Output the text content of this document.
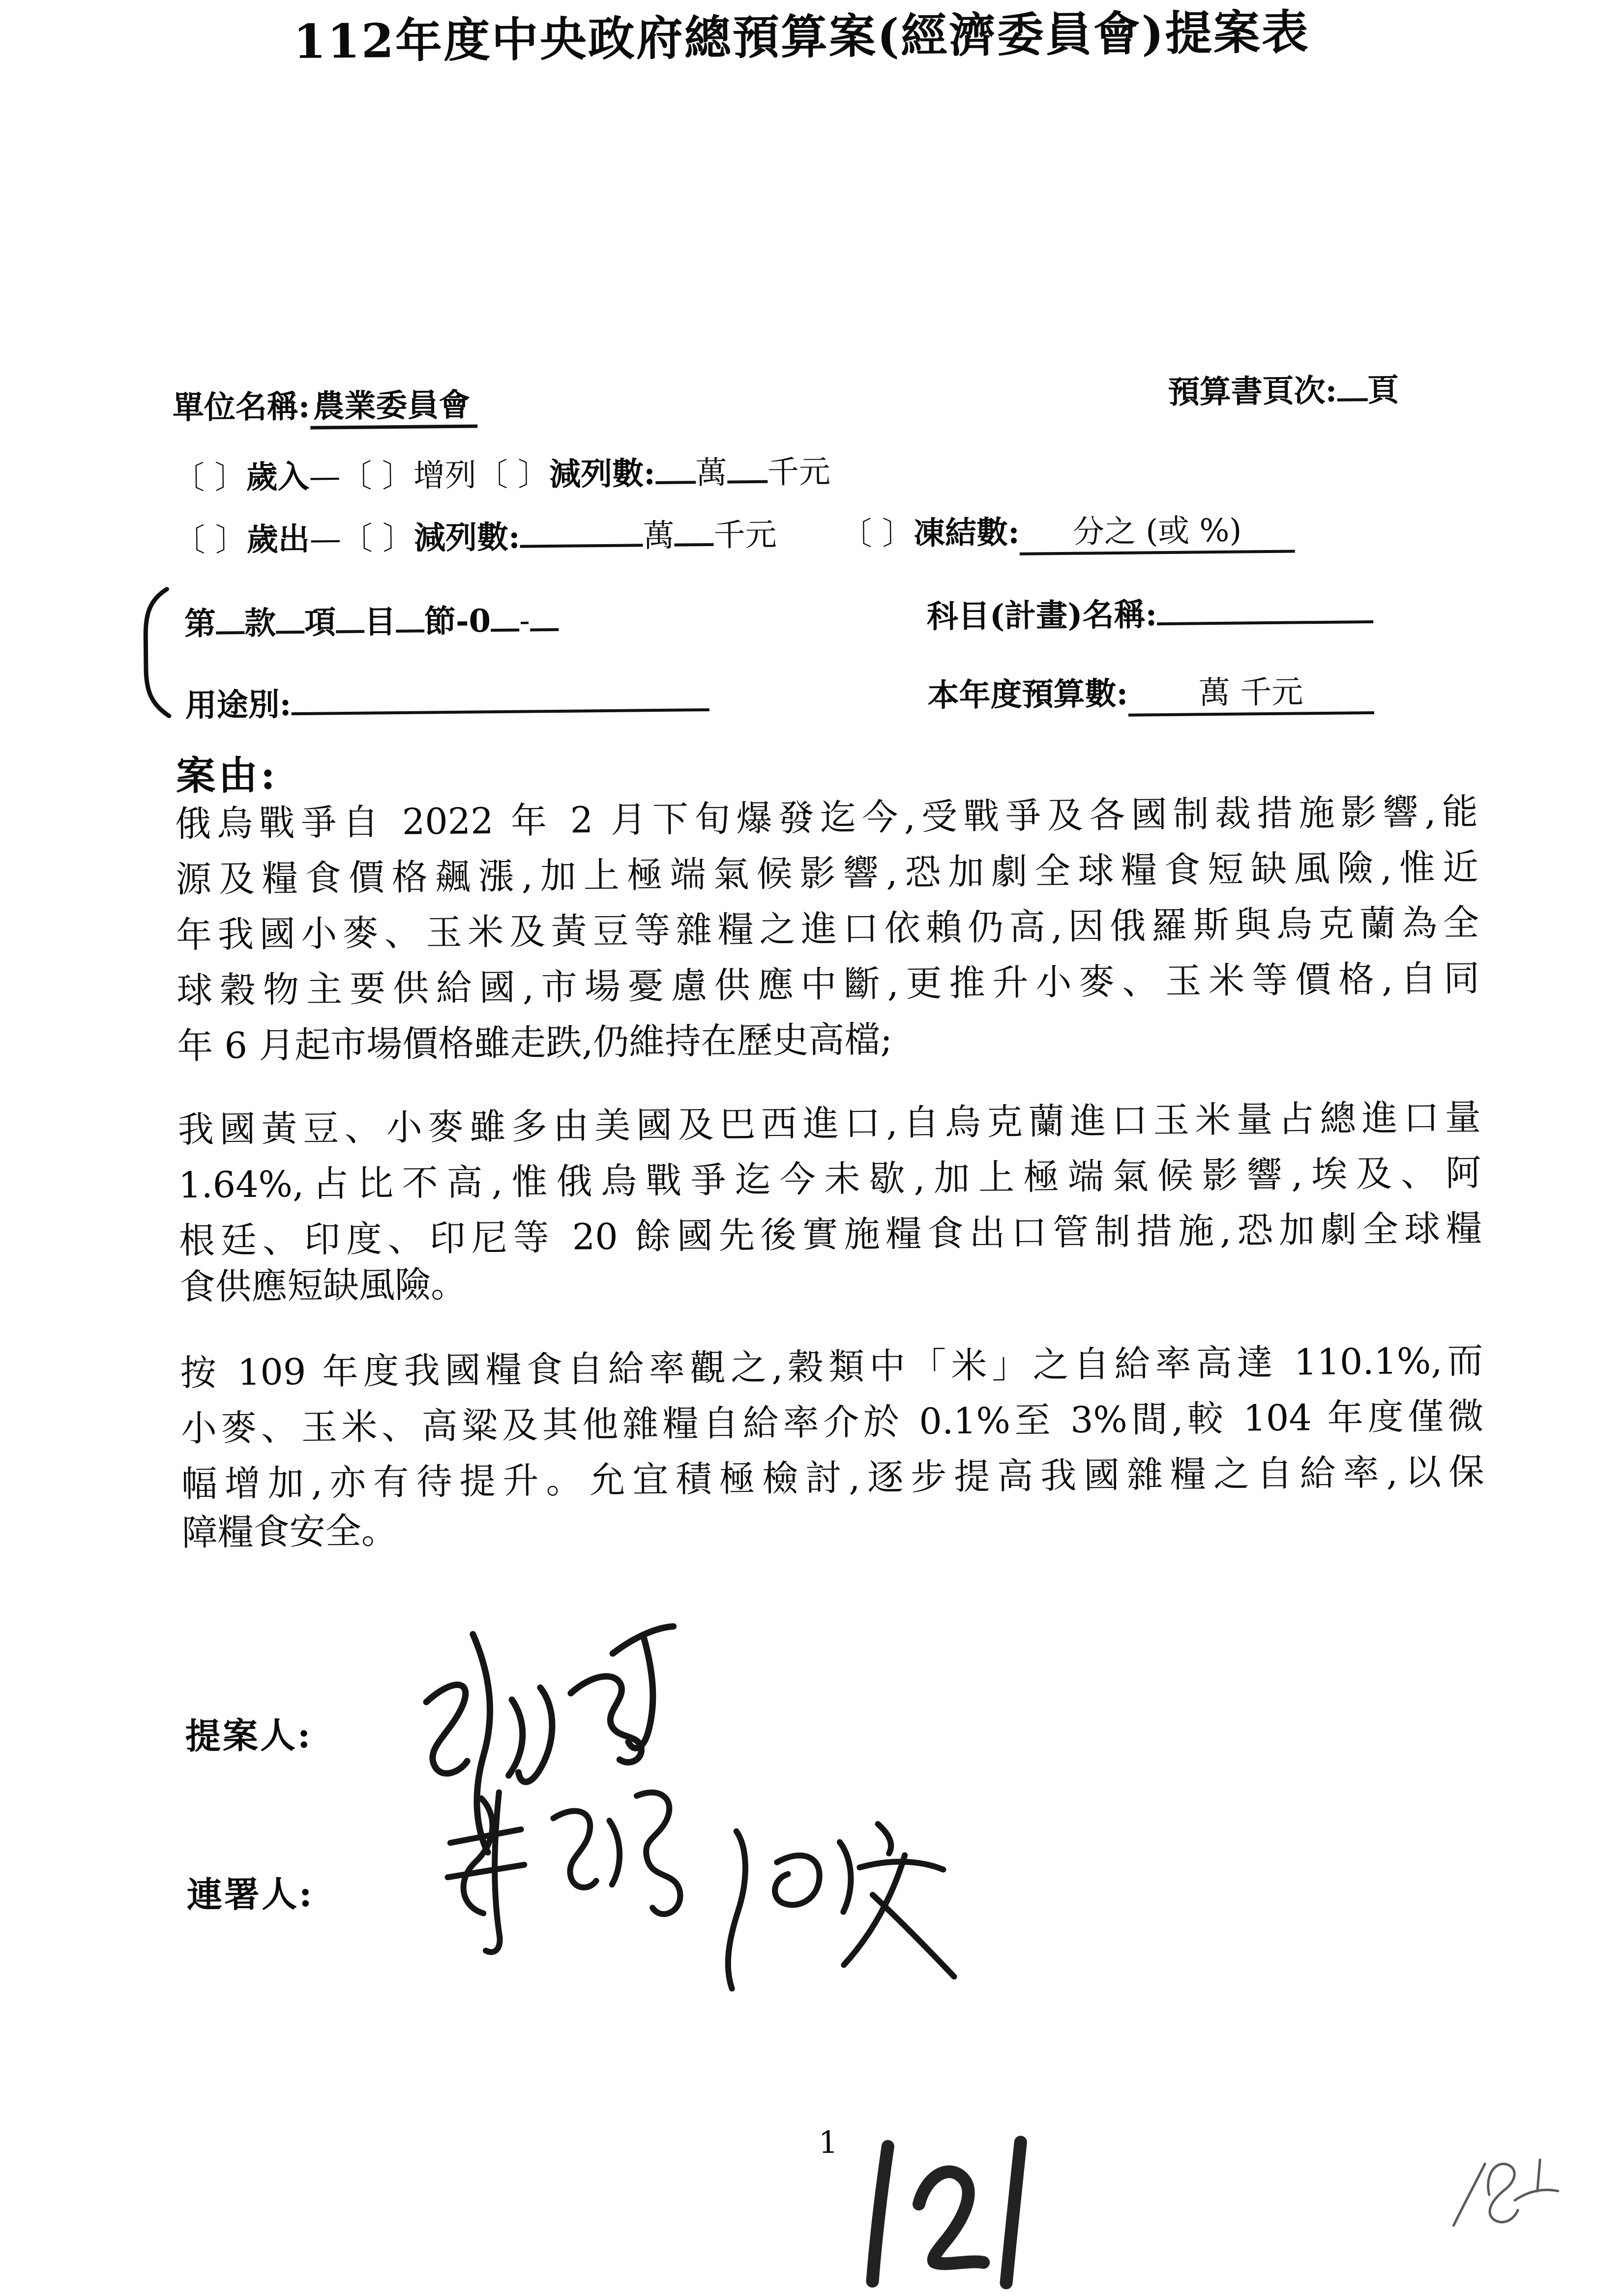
112年度中央政府總預算案(經濟委員會)提案表
單位名稱:農業委員會	預算書頁次: 頁
〔 〕歲入—〔 〕增列〔 〕減列數: 萬 千元
〔 〕歲出—〔 〕減列數:	萬 千元 〔 〕凍結數: 分之 (或 %)
第 款 項 目 節-0 -	科目(計畫)名稱:
用途別:	本年度預算數: 萬 千元
案由:
俄烏戰爭自 2022 年 2 月下旬爆發迄今,受戰爭及各國制裁措施影響,能
源及糧食價格飆漲,加上極端氣候影響,恐加劇全球糧食短缺風險,惟近
年我國小麥、玉米及黃豆等雜糧之進口依賴仍高,因俄羅斯與烏克蘭為全
球穀物主要供給國,市場憂慮供應中斷,更推升小麥、玉米等價格,自同
年 6 月起市場價格雖走跌,仍維持在歷史高檔;
我國黃豆、小麥雖多由美國及巴西進口,自烏克蘭進口玉米量占總進口量
1.64%,占比不高,惟俄烏戰爭迄今未歇,加上極端氣候影響,埃及、阿
根廷、印度、印尼等 20 餘國先後實施糧食出口管制措施,恐加劇全球糧
食供應短缺風險。
按 109 年度我國糧食自給率觀之,穀類中「米」之自給率高達 110.1%,而
小麥、玉米、高粱及其他雜糧自給率介於 0.1%至 3%間,較 104 年度僅微
幅增加,亦有待提升。允宜積極檢討,逐步提高我國雜糧之自給率,以保
障糧食安全。
提案人:
連署人:
1
